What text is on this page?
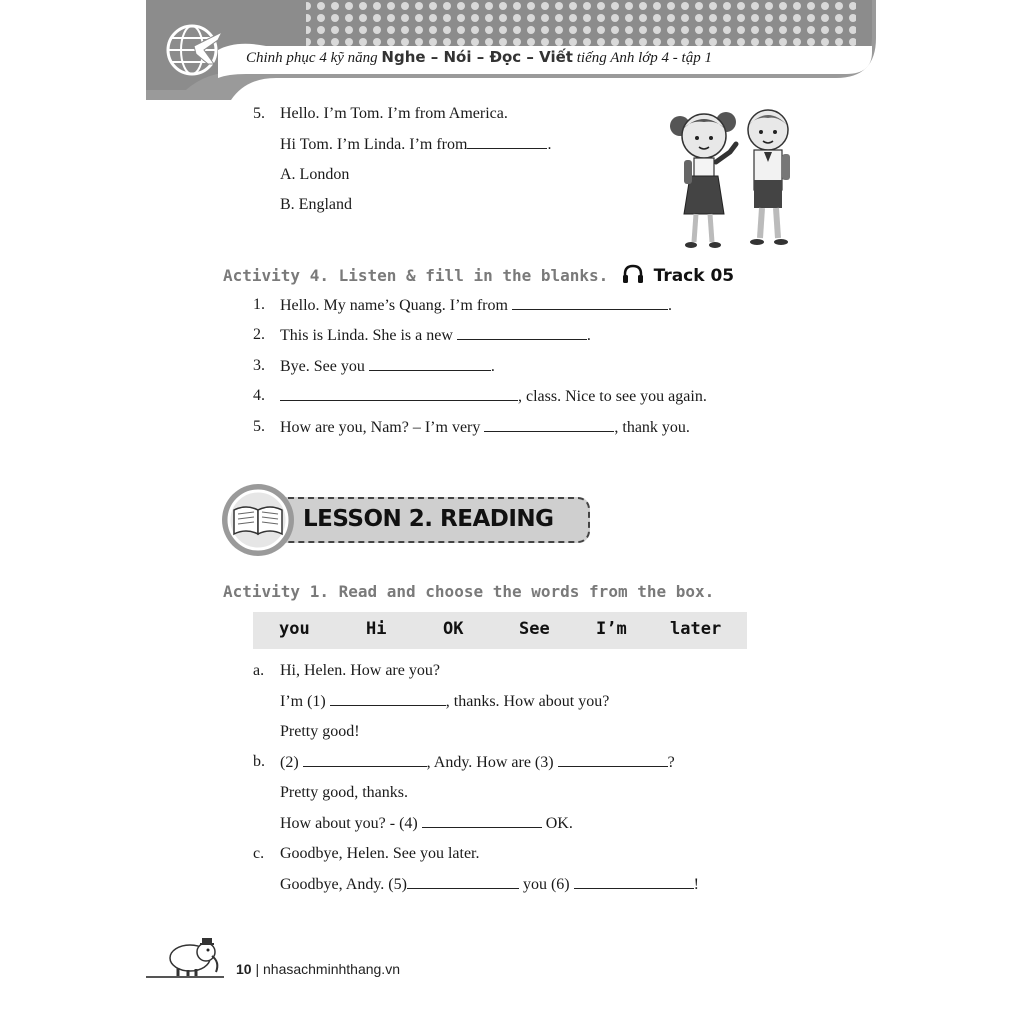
Chinh phục 4 kỹ năng Nghe – Nói – Đọc – Viết tiếng Anh lớp 4 - tập 1
5. Hello. I’m Tom. I’m from America.
Hi Tom. I’m Linda. I’m from	.
A. London
B. England
Activity 4. Listen & fill in the blanks.	Track 05
1. Hello. My name’s Quang. I’m from	.
2. This is Linda. She is a new	.
3. Bye. See you	.
4.	, class. Nice to see you again.
5. How are you, Nam? – I’m very	, thank you.
LESSON 2. READING
Activity 1. Read and choose the words from the box.
you	Hi	OK	See	I’m	later
a. Hi, Helen. How are you?
I’m (1)	, thanks. How about you?
Pretty good!
b. (2)	, Andy. How are (3)	?
Pretty good, thanks.
How about you? - (4)	OK.
c. Goodbye, Helen. See you later.
Goodbye, Andy. (5)	you (6)	!
10 | nhasachminhthang.vn
